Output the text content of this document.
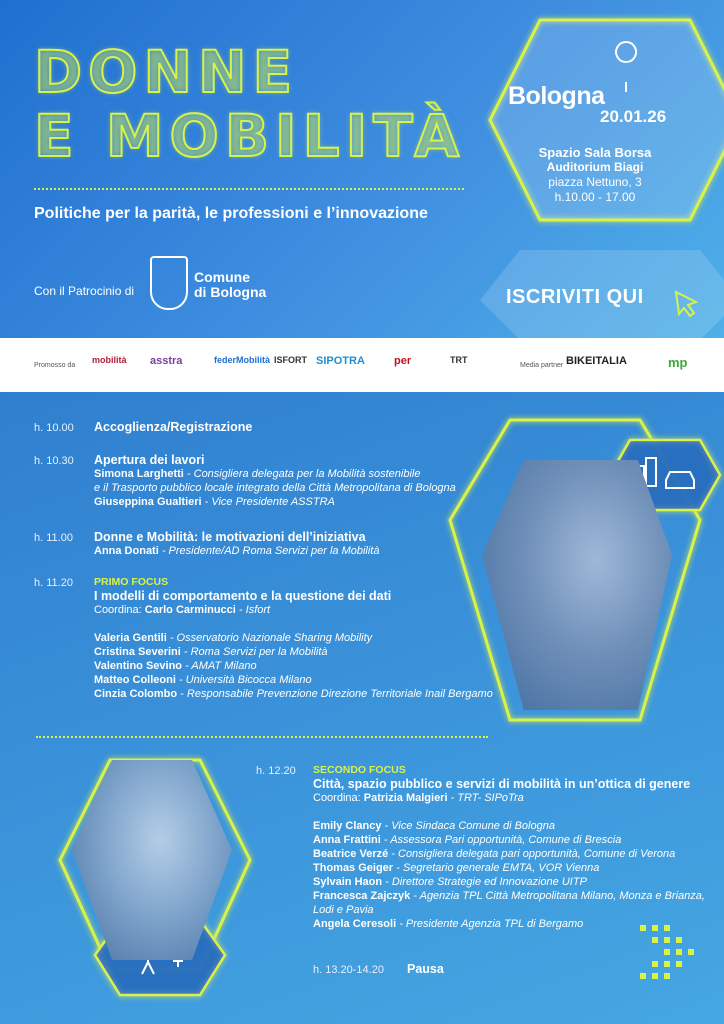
DONNE
E MOBILITÀ
Politiche per la parità, le professioni e l’innovazione
Con il Patrocinio di
Comune
di Bologna
Bologna
20.01.26
Spazio Sala Borsa
Auditorium Biagi
piazza Nettuno, 3
h.10.00 - 17.00
ISCRIVITI QUI
Promosso da
mobilità asstra	federMobilità ISFORT SIPOTRA	per	TRT
Media partner BIKEITALIA	mp
h. 10.00 Accoglienza/Registrazione
h. 10.30 Apertura dei lavori
Simona Larghetti - Consigliera delegata per la Mobilità sostenibile
e il Trasporto pubblico locale integrato della Città Metropolitana di Bologna
Giuseppina Gualtieri - Vice Presidente ASSTRA
h. 11.00 Donne e Mobilità: le motivazioni dell’iniziativa
Anna Donati - Presidente/AD Roma Servizi per la Mobilità
h. 11.20 PRIMO FOCUS
I modelli di comportamento e la questione dei dati
Coordina: Carlo Carminucci - Isfort
Valeria Gentili - Osservatorio Nazionale Sharing Mobility
Cristina Severini - Roma Servizi per la Mobilità
Valentino Sevino - AMAT Milano
Matteo Colleoni - Università Bicocca Milano
Cinzia Colombo - Responsabile Prevenzione Direzione Territoriale Inail Bergamo
h. 12.20 SECONDO FOCUS
Città, spazio pubblico e servizi di mobilità in un’ottica di genere
Coordina: Patrizia Malgieri - TRT- SIPoTra
Emily Clancy - Vice Sindaca Comune di Bologna
Anna Frattini - Assessora Pari opportunità, Comune di Brescia
Beatrice Verzé - Consigliera delegata pari opportunità, Comune di Verona
Thomas Geiger - Segretario generale EMTA, VOR Vienna
Sylvain Haon - Direttore Strategie ed Innovazione UITP
Francesca Zajczyk - Agenzia TPL Città Metropolitana Milano, Monza e Brianza,
Lodi e Pavia
Angela Ceresoli - Presidente Agenzia TPL di Bergamo
h. 13.20-14.20 Pausa
